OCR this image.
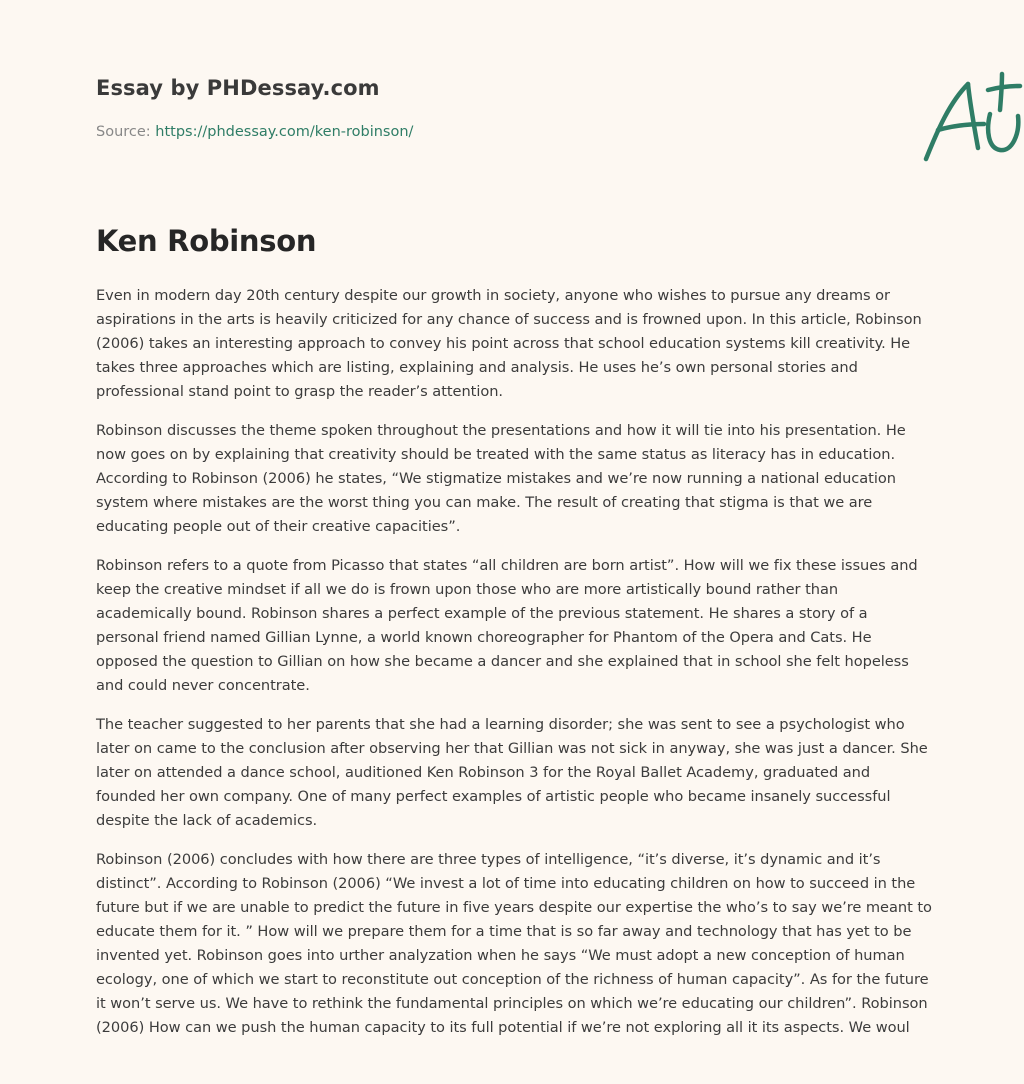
Essay by PHDessay.com

Source: https://phdessay.com/ken-robinson/

Ken Robinson

Even in modern day 20th century despite our growth in society, anyone who wishes to pursue any dreams or aspirations in the arts is heavily criticized for any chance of success and is frowned upon. In this article, Robinson (2006) takes an interesting approach to convey his point across that school education systems kill creativity. He takes three approaches which are listing, explaining and analysis. He uses he’s own personal stories and professional stand point to grasp the reader’s attention.

Robinson discusses the theme spoken throughout the presentations and how it will tie into his presentation. He now goes on by explaining that creativity should be treated with the same status as literacy has in education. According to Robinson (2006) he states, “We stigmatize mistakes and we’re now running a national education system where mistakes are the worst thing you can make. The result of creating that stigma is that we are educating people out of their creative capacities”.

Robinson refers to a quote from Picasso that states “all children are born artist”. How will we fix these issues and keep the creative mindset if all we do is frown upon those who are more artistically bound rather than academically bound. Robinson shares a perfect example of the previous statement. He shares a story of a personal friend named Gillian Lynne, a world known choreographer for Phantom of the Opera and Cats. He opposed the question to Gillian on how she became a dancer and she explained that in school she felt hopeless and could never concentrate.

The teacher suggested to her parents that she had a learning disorder; she was sent to see a psychologist who later on came to the conclusion after observing her that Gillian was not sick in anyway, she was just a dancer. She later on attended a dance school, auditioned Ken Robinson 3 for the Royal Ballet Academy, graduated and founded her own company. One of many perfect examples of artistic people who became insanely successful despite the lack of academics.

Robinson (2006) concludes with how there are three types of intelligence, “it’s diverse, it’s dynamic and it’s distinct”. According to Robinson (2006) “We invest a lot of time into educating children on how to succeed in the future but if we are unable to predict the future in five years despite our expertise the who’s to say we’re meant to educate them for it. ” How will we prepare them for a time that is so far away and technology that has yet to be invented yet. Robinson goes into urther analyzation when he says “We must adopt a new conception of human ecology, one of which we start to reconstitute out conception of the richness of human capacity”. As for the future it won’t serve us. We have to rethink the fundamental principles on which we’re educating our children”. Robinson (2006) How can we push the human capacity to its full potential if we’re not exploring all it its aspects. We woul
